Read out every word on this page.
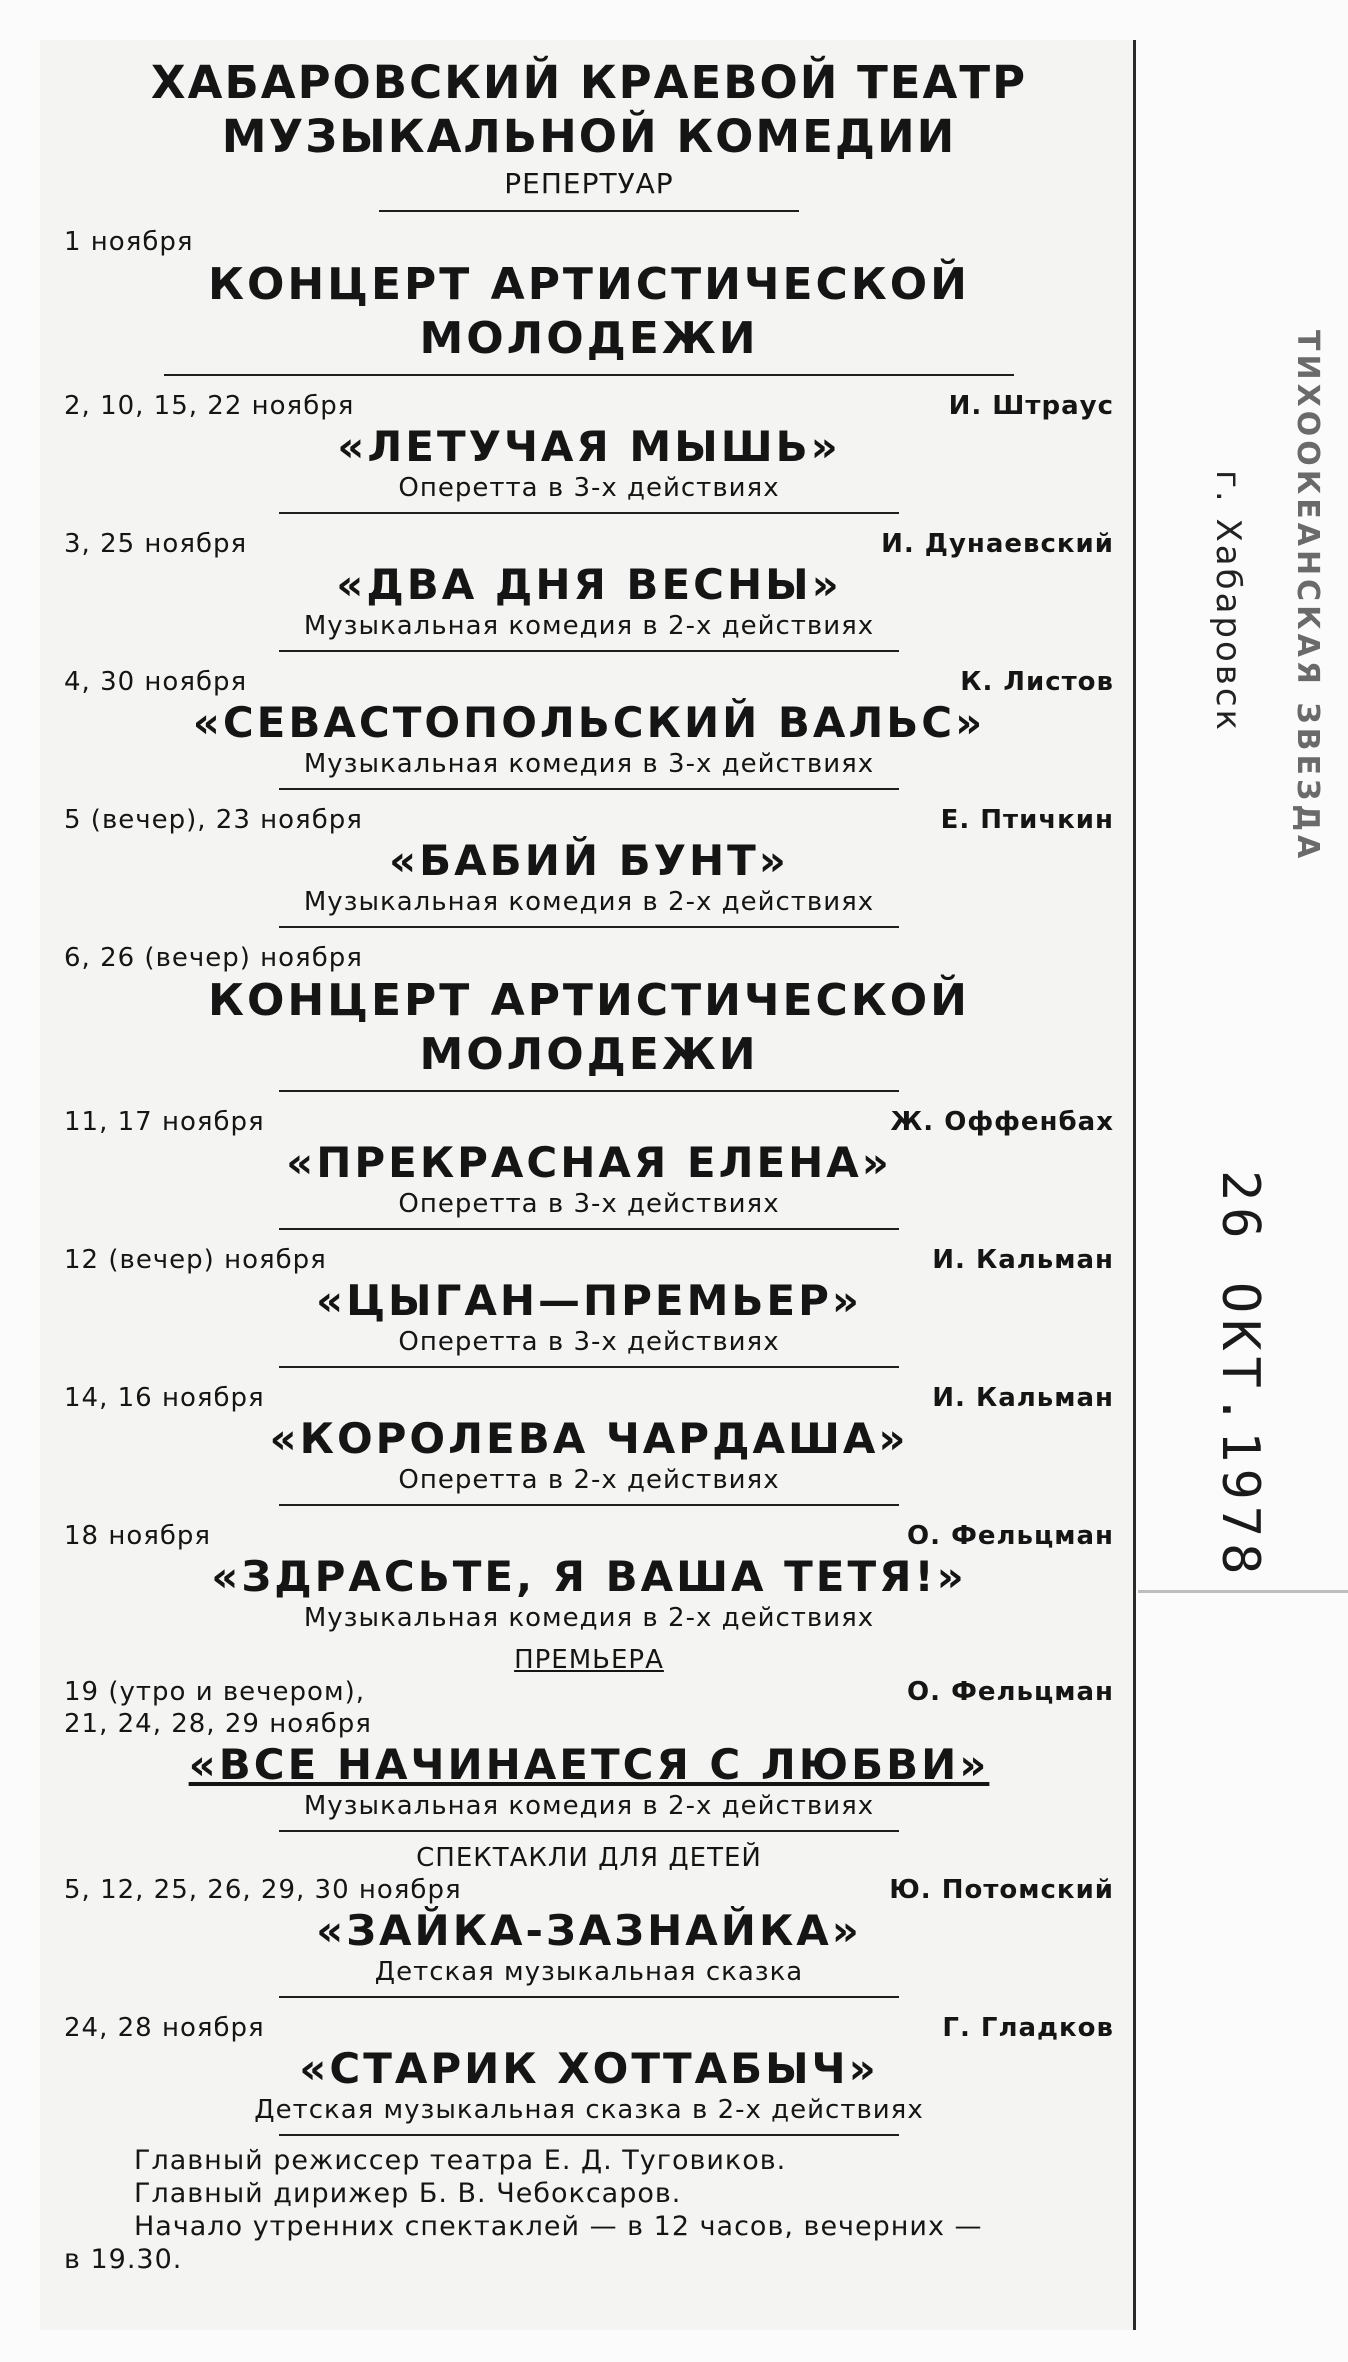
ХАБАРОВСКИЙ КРАЕВОЙ ТЕАТР
МУЗЫКАЛЬНОЙ КОМЕДИИ
РЕПЕРТУАР
1 ноября
КОНЦЕРТ АРТИСТИЧЕСКОЙ МОЛОДЕЖИ
2, 10, 15, 22 ноября	И. Штраус
«ЛЕТУЧАЯ МЫШЬ»
Оперетта в 3-х действиях
3, 25 ноября	И. Дунаевский
«ДВА ДНЯ ВЕСНЫ»
Музыкальная комедия в 2-х действиях
4, 30 ноября	К. Листов
«СЕВАСТОПОЛЬСКИЙ ВАЛЬС»
Музыкальная комедия в 3-х действиях
5 (вечер), 23 ноября	Е. Птичкин
«БАБИЙ БУНТ»
Музыкальная комедия в 2-х действиях
6, 26 (вечер) ноября
КОНЦЕРТ АРТИСТИЧЕСКОЙ МОЛОДЕЖИ
11, 17 ноября	Ж. Оффенбах
«ПРЕКРАСНАЯ ЕЛЕНА»
Оперетта в 3-х действиях
12 (вечер) ноября	И. Кальман
«ЦЫГАН—ПРЕМЬЕР»
Оперетта в 3-х действиях
14, 16 ноября	И. Кальман
«КОРОЛЕВА ЧАРДАША»
Оперетта в 2-х действиях
18 ноября	О. Фельцман
«ЗДРАСЬТЕ, Я ВАША ТЕТЯ!»
Музыкальная комедия в 2-х действиях
ПРЕМЬЕРА
19 (утро и вечером),	О. Фельцман
21, 24, 28, 29 ноября
«ВСЕ НАЧИНАЕТСЯ С ЛЮБВИ»
Музыкальная комедия в 2-х действиях
СПЕКТАКЛИ ДЛЯ ДЕТЕЙ
5, 12, 25, 26, 29, 30 ноября	Ю. Потомский
«ЗАЙКА-ЗАЗНАЙКА»
Детская музыкальная сказка
24, 28 ноября	Г. Гладков
«СТАРИК ХОТТАБЫЧ»
Детская музыкальная сказка в 2-х действиях
Главный режиссер театра Е. Д. Туговиков.
Главный дирижер Б. В. Чебоксаров.
Начало утренних спектаклей — в 12 часов, вечерних —
в 19.30.
ТИХООКЕАНСКАЯ ЗВЕЗДА
г. Хабаровск
26 ОКТ.1978
